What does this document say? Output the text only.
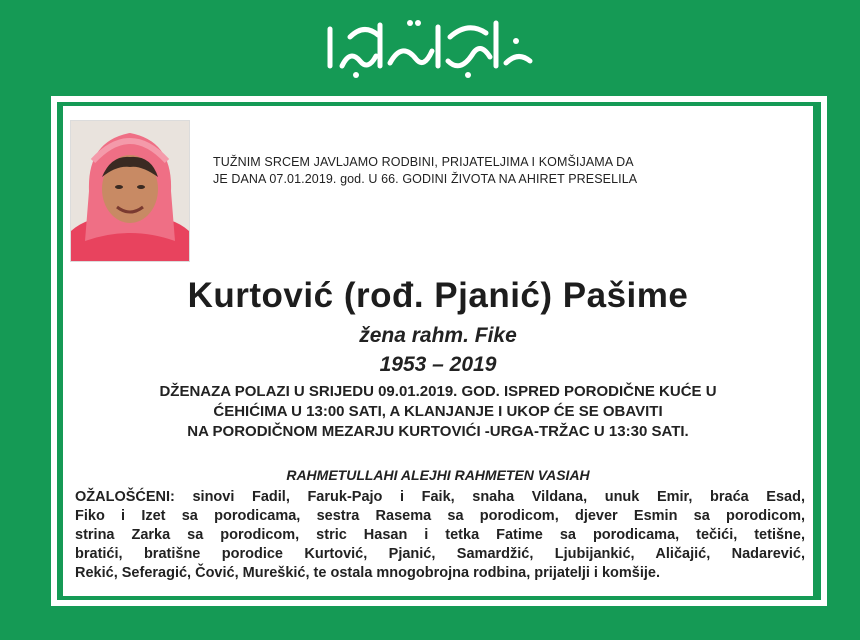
TUŽNIM SRCEM JAVLJAMO RODBINI, PRIJATELJIMA I KOMŠIJAMA DA
JE DANA 07.01.2019. god. U 66. GODINI ŽIVOTA NA AHIRET PRESELILA
Kurtović (rođ. Pjanić) Pašime
žena rahm. Fike
1953 – 2019
DŽENAZA POLAZI U SRIJEDU 09.01.2019. GOD. ISPRED PORODIČNE KUĆE U
ĆEHIĆIMA U 13:00 SATI, A KLANJANJE I UKOP ĆE SE OBAVITI
NA PORODIČNOM MEZARJU KURTOVIĆI -URGA-TRŽAC U 13:30 SATI.
RAHMETULLAHI ALEJHI RAHMETEN VASIAH
OŽALOŠĆENI: sinovi Fadil, Faruk-Pajo i Faik, snaha Vildana, unuk Emir, braća Esad,
Fiko i Izet sa porodicama, sestra Rasema sa porodicom, djever Esmin sa porodicom,
strina Zarka sa porodicom, stric Hasan i tetka Fatime sa porodicama, tečići, tetišne,
bratići, bratišne porodice Kurtović, Pjanić, Samardžić, Ljubijankić, Aličajić, Nadarević,
Rekić, Seferagić, Čović, Mureškić, te ostala mnogobrojna rodbina, prijatelji i komšije.
